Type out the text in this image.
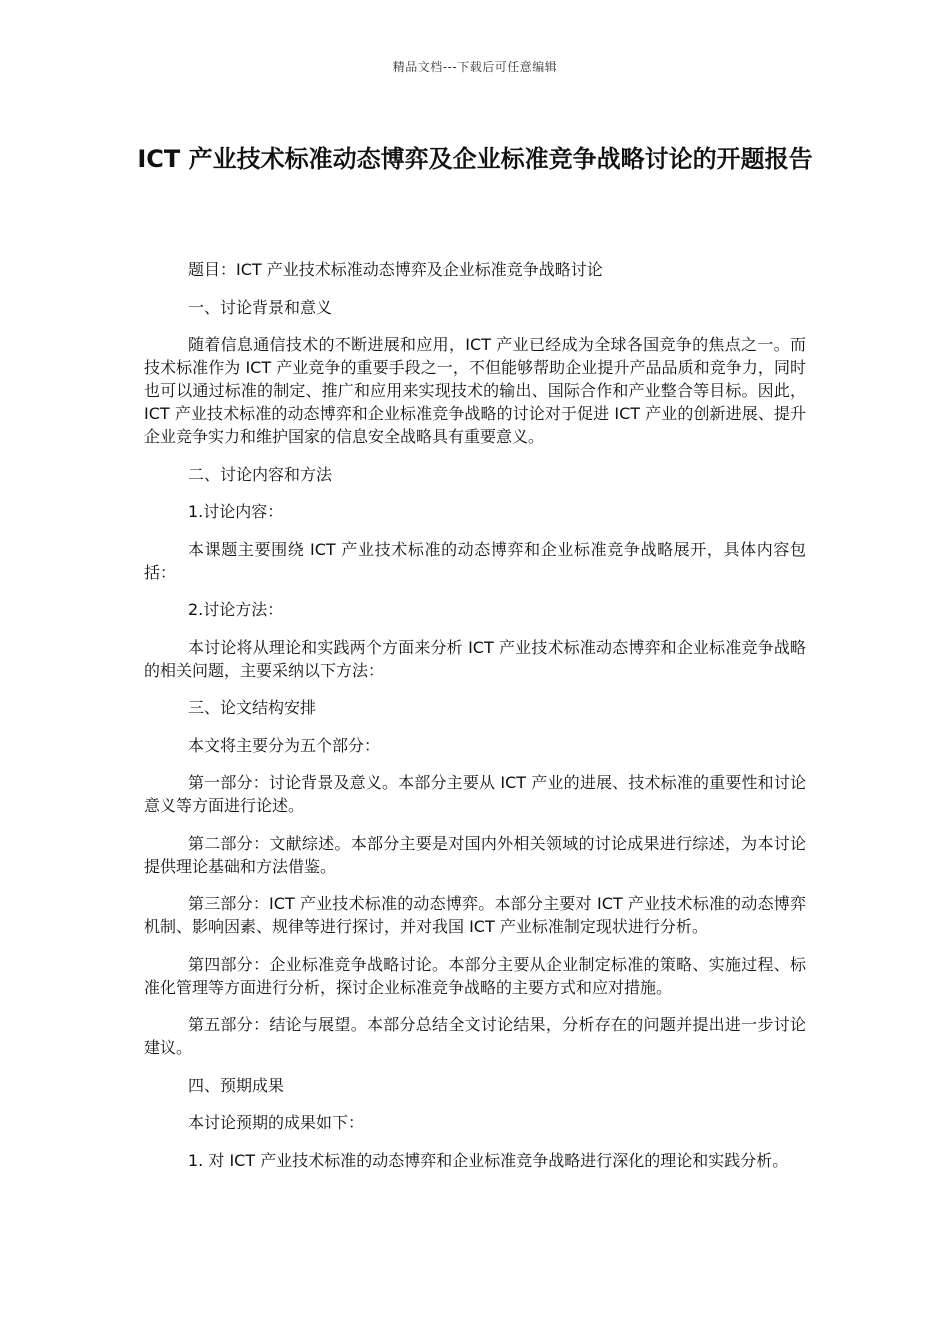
精品文档---下载后可任意编辑
ICT 产业技术标准动态博弈及企业标准竞争战略讨论的开题报告

题目：ICT 产业技术标准动态博弈及企业标准竞争战略讨论

一、讨论背景和意义

随着信息通信技术的不断进展和应用，ICT 产业已经成为全球各国竞争的焦点之一。而技术标准作为 ICT 产业竞争的重要手段之一，不但能够帮助企业提升产品品质和竞争力，同时也可以通过标准的制定、推广和应用来实现技术的输出、国际合作和产业整合等目标。因此，ICT 产业技术标准的动态博弈和企业标准竞争战略的讨论对于促进 ICT 产业的创新进展、提升企业竞争实力和维护国家的信息安全战略具有重要意义。

二、讨论内容和方法

1.讨论内容：

本课题主要围绕 ICT 产业技术标准的动态博弈和企业标准竞争战略展开，具体内容包括：

2.讨论方法：

本讨论将从理论和实践两个方面来分析 ICT 产业技术标准动态博弈和企业标准竞争战略的相关问题，主要采纳以下方法：

三、论文结构安排

本文将主要分为五个部分：

第一部分：讨论背景及意义。本部分主要从 ICT 产业的进展、技术标准的重要性和讨论意义等方面进行论述。

第二部分：文献综述。本部分主要是对国内外相关领域的讨论成果进行综述，为本讨论提供理论基础和方法借鉴。

第三部分：ICT 产业技术标准的动态博弈。本部分主要对 ICT 产业技术标准的动态博弈机制、影响因素、规律等进行探讨，并对我国 ICT 产业标准制定现状进行分析。

第四部分：企业标准竞争战略讨论。本部分主要从企业制定标准的策略、实施过程、标准化管理等方面进行分析，探讨企业标准竞争战略的主要方式和应对措施。

第五部分：结论与展望。本部分总结全文讨论结果，分析存在的问题并提出进一步讨论建议。

四、预期成果

本讨论预期的成果如下：

1. 对 ICT 产业技术标准的动态博弈和企业标准竞争战略进行深化的理论和实践分析。
